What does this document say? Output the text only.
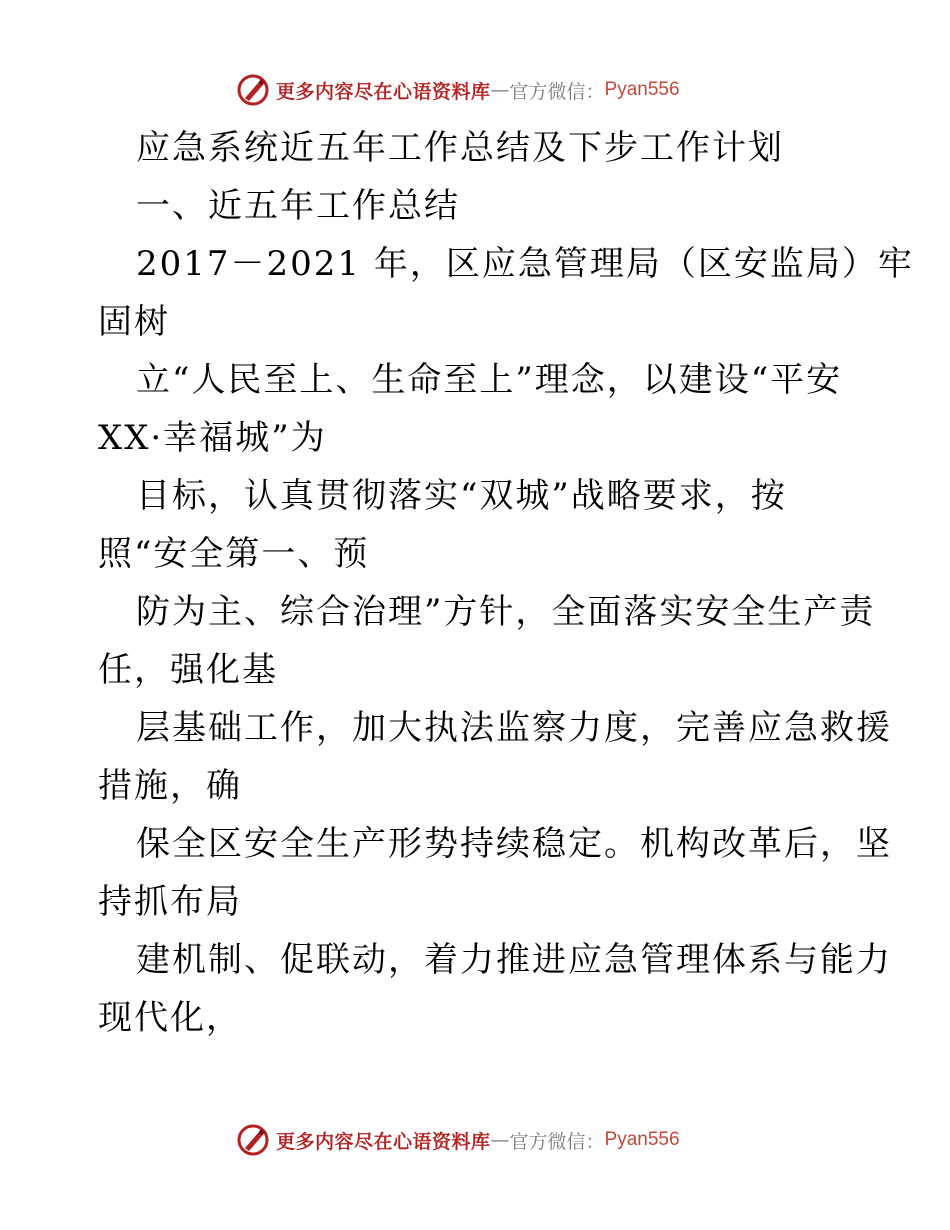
更多内容尽在心语资料库 — 官方微信： Pyan556
应急系统近五年工作总结及下步工作计划
一、近五年工作总结
2017－2021 年，区应急管理局（区安监局）牢
固树
立“人民至上、生命至上”理念，以建设“平安
XX·幸福城”为
目标，认真贯彻落实“双城”战略要求，按
照“安全第一、预
防为主、综合治理”方针，全面落实安全生产责
任，强化基
层基础工作，加大执法监察力度，完善应急救援
措施，确
保全区安全生产形势持续稳定。机构改革后，坚
持抓布局
建机制、促联动，着力推进应急管理体系与能力
现代化，
更多内容尽在心语资料库 — 官方微信： Pyan556
